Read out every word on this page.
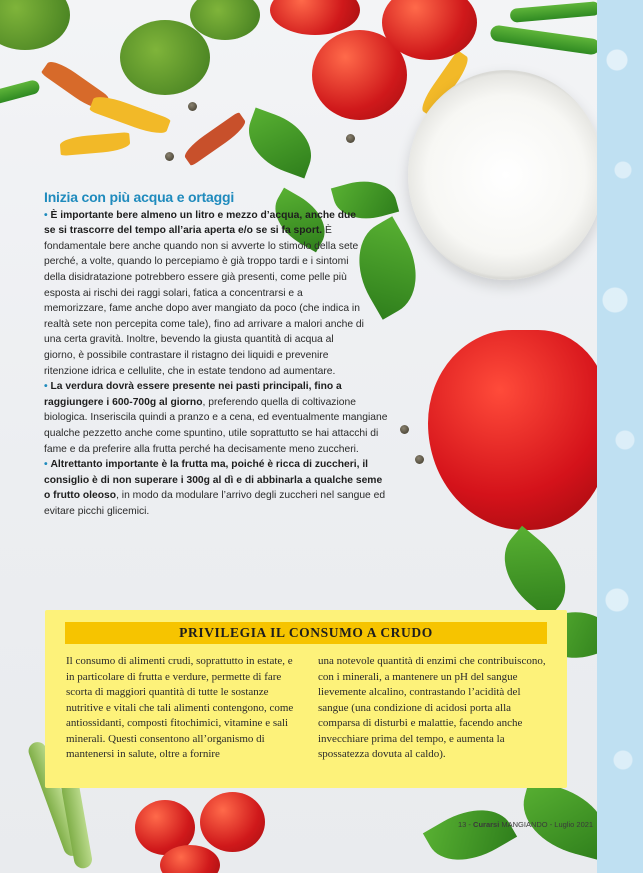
Inizia con più acqua e ortaggi

• È importante bere almeno un litro e mezzo d’acqua, anche due se si trascorre del tempo all’aria aperta e/o se si fa sport. È fondamentale bere anche quando non si avverte lo stimolo della sete perché, a volte, quando lo percepiamo è già troppo tardi e i sintomi della disidratazione potrebbero essere già presenti, come pelle più esposta ai rischi dei raggi solari, fatica a concentrarsi e a memorizzare, fame anche dopo aver mangiato da poco (che indica in realtà sete non percepita come tale), fino ad arrivare a malori anche di una certa gravità. Inoltre, bevendo la giusta quantità di acqua al giorno, è possibile contrastare il ristagno dei liquidi e prevenire ritenzione idrica e cellulite, che in estate tendono ad aumentare.

• La verdura dovrà essere presente nei pasti principali, fino a raggiungere i 600-700g al giorno, preferendo quella di coltivazione biologica. Inseriscila quindi a pranzo e a cena, ed eventualmente mangiane qualche pezzetto anche come spuntino, utile soprattutto se hai attacchi di fame e da preferire alla frutta perché ha decisamente meno zuccheri.

• Altrettanto importante è la frutta ma, poiché è ricca di zuccheri, il consiglio è di non superare i 300g al dì e di abbinarla a qualche seme o frutto oleoso, in modo da modulare l’arrivo degli zuccheri nel sangue ed evitare picchi glicemici.

PRIVILEGIA IL CONSUMO A CRUDO

Il consumo di alimenti crudi, soprattutto in estate, e in particolare di frutta e verdure, permette di fare scorta di maggiori quantità di tutte le sostanze nutritive e vitali che tali alimenti contengono, come antiossidanti, composti fitochimici, vitamine e sali minerali. Questi consentono all’organismo di mantenersi in salute, oltre a fornire

una notevole quantità di enzimi che contribuiscono, con i minerali, a mantenere un pH del sangue lievemente alcalino, contrastando l’acidità del sangue (una condizione di acidosi porta alla comparsa di disturbi e malattie, facendo anche invecchiare prima del tempo, e aumenta la spossatezza dovuta al caldo).

13 - Curarsi MANGIANDO - Luglio 2021
